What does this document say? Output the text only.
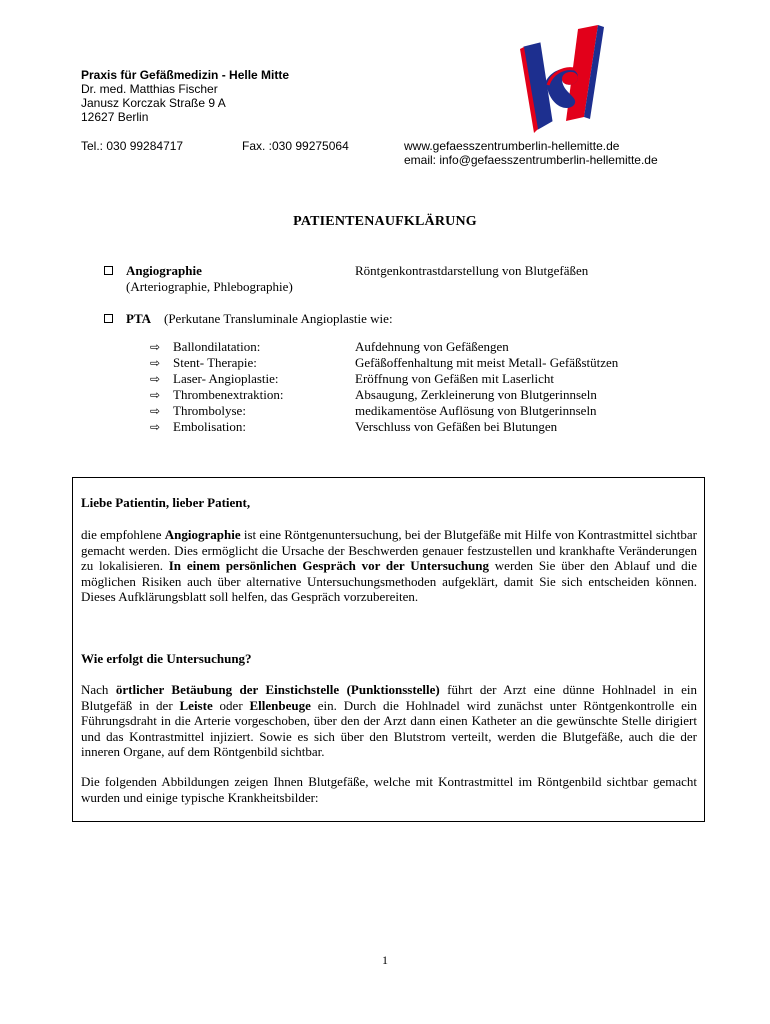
Praxis für Gefäßmedizin - Helle Mitte
Dr. med. Matthias Fischer
Janusz Korczak Straße 9 A
12627 Berlin
Tel.: 030 99284717	Fax. :030 99275064	www.gefaesszentrumberlin-hellemitte.de
email: info@gefaesszentrumberlin-hellemitte.de
PATIENTENAUFKLÄRUNG
Angiographie
(Arteriographie, Phlebographie)
Röntgenkontrastdarstellung von Blutgefäßen
PTA (Perkutane Transluminale Angioplastie wie:
⇨ Ballondilatation:	Aufdehnung von Gefäßengen
⇨ Stent- Therapie:	Gefäßoffenhaltung mit meist Metall- Gefäßstützen
⇨ Laser- Angioplastie:	Eröffnung von Gefäßen mit Laserlicht
⇨ Thrombenextraktion:	Absaugung, Zerkleinerung von Blutgerinnseln
⇨ Thrombolyse:	medikamentöse Auflösung von Blutgerinnseln
⇨ Embolisation:	Verschluss von Gefäßen bei Blutungen
Liebe Patientin, lieber Patient,
die empfohlene Angiographie ist eine Röntgenuntersuchung, bei der Blutgefäße mit Hilfe von Kontrastmittel sichtbar gemacht werden. Dies ermöglicht die Ursache der Beschwerden genauer festzustellen und krankhafte Veränderungen zu lokalisieren. In einem persönlichen Gespräch vor der Untersuchung werden Sie über den Ablauf und die möglichen Risiken auch über alternative Untersuchungsmethoden aufgeklärt, damit Sie sich entscheiden können. Dieses Aufklärungsblatt soll helfen, das Gespräch vorzubereiten.
Wie erfolgt die Untersuchung?
Nach örtlicher Betäubung der Einstichstelle (Punktionsstelle) führt der Arzt eine dünne Hohlnadel in ein Blutgefäß in der Leiste oder Ellenbeuge ein. Durch die Hohlnadel wird zunächst unter Röntgenkontrolle ein Führungsdraht in die Arterie vorgeschoben, über den der Arzt dann einen Katheter an die gewünschte Stelle dirigiert und das Kontrastmittel injiziert. Sowie es sich über den Blutstrom verteilt, werden die Blutgefäße, auch die der inneren Organe, auf dem Röntgenbild sichtbar.
Die folgenden Abbildungen zeigen Ihnen Blutgefäße, welche mit Kontrastmittel im Röntgenbild sichtbar gemacht wurden und einige typische Krankheitsbilder:
1
